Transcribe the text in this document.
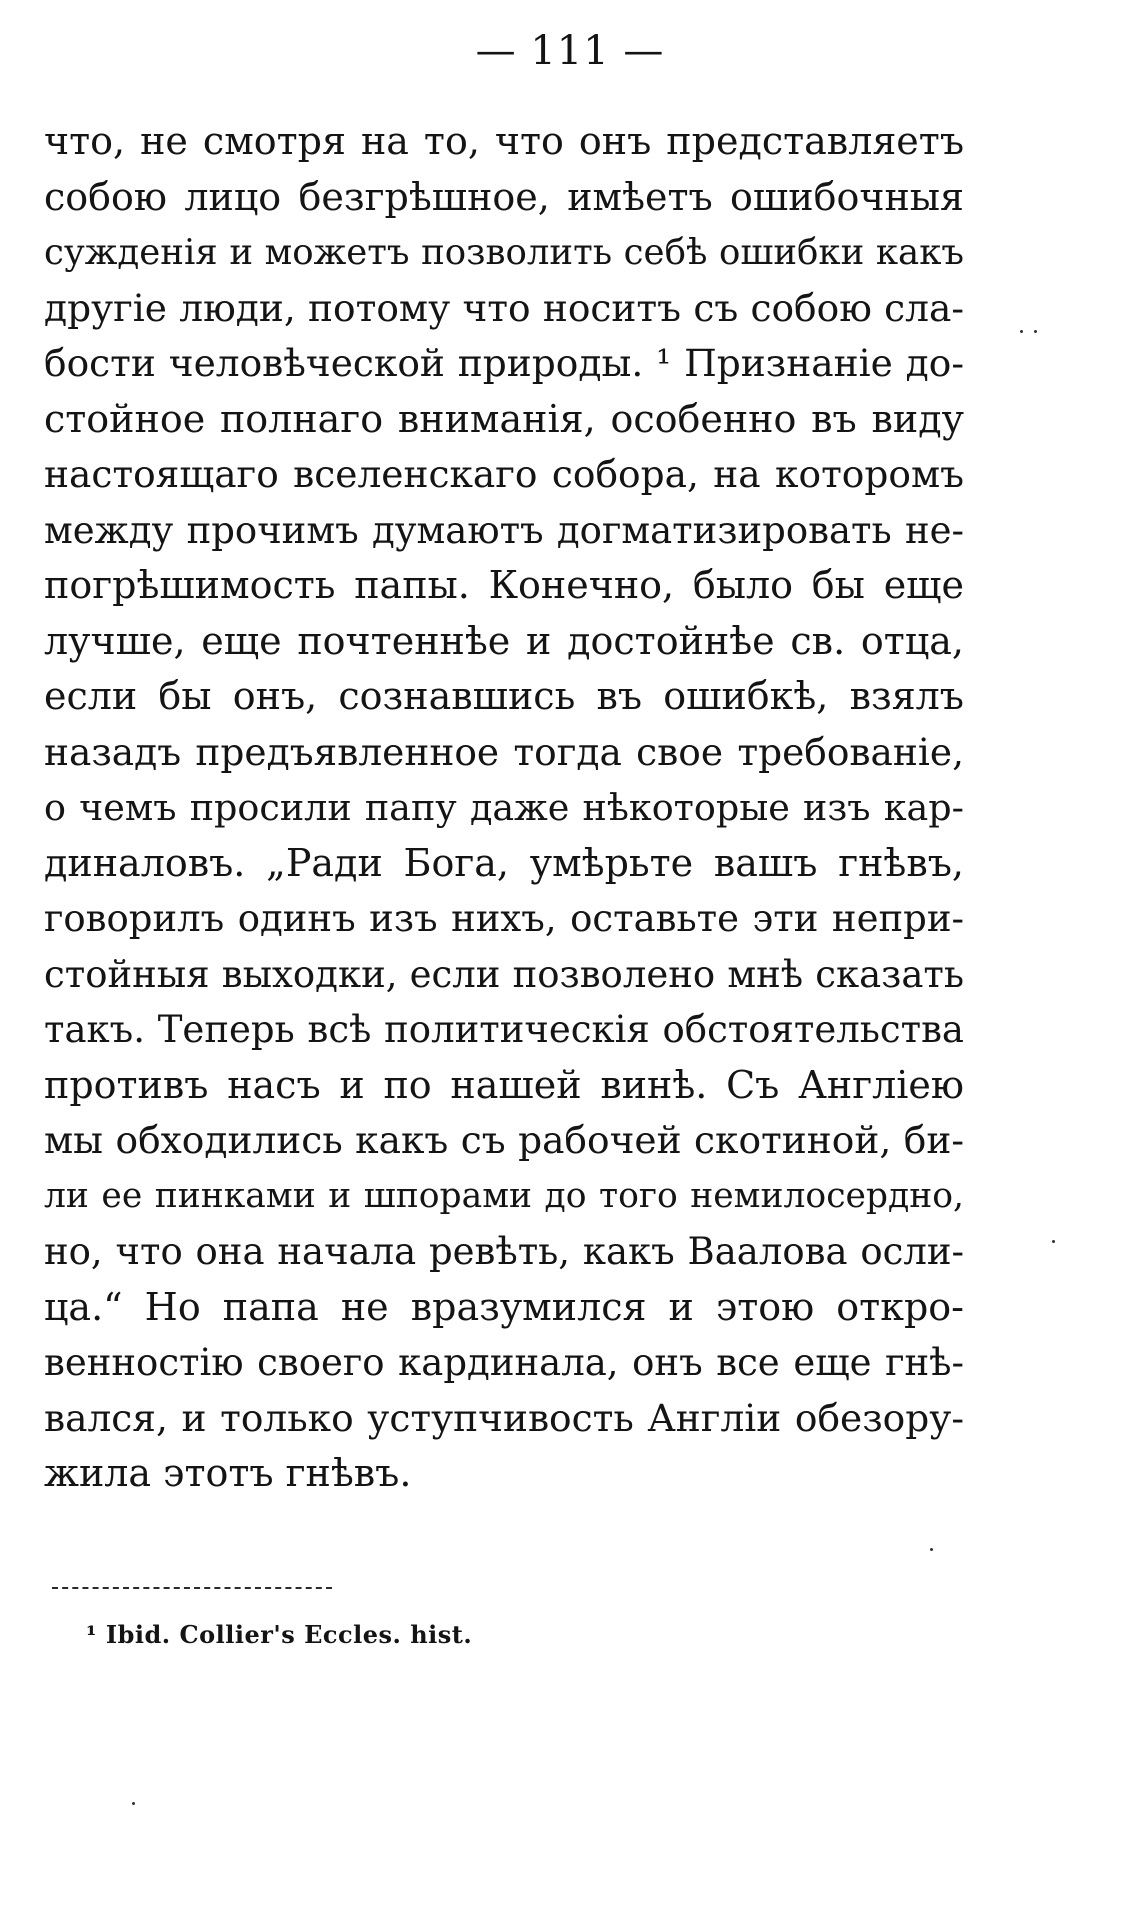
— 111 —
что, не смотря на то, что онъ представляетъ
собою лицо безгрѣшное, имѣетъ ошибочныя
сужденія и можетъ позволить себѣ ошибки какъ
другіе люди, потому что носитъ съ собою сла-
бости человѣческой природы. ¹ Признаніе до-
стойное полнаго вниманія, особенно въ виду
настоящаго вселенскаго собора, на которомъ
между прочимъ думаютъ догматизировать не-
погрѣшимость папы. Конечно, было бы еще
лучше, еще почтеннѣе и достойнѣе св. отца,
если бы онъ, сознавшись въ ошибкѣ, взялъ
назадъ предъявленное тогда свое требованіе,
о чемъ просили папу даже нѣкоторые изъ кар-
диналовъ. „Ради Бога, умѣрьте вашъ гнѣвъ,
говорилъ одинъ изъ нихъ, оставьте эти непри-
стойныя выходки, если позволено мнѣ сказать
такъ. Теперь всѣ политическія обстоятельства
противъ насъ и по нашей винѣ. Съ Англіею
мы обходились какъ съ рабочей скотиной, би-
ли ее пинками и шпорами до того немилосердно,
но, что она начала ревѣть, какъ Ваалова осли-
ца.“ Но папа не вразумился и этою откро-
венностію своего кардинала, онъ все еще гнѣ-
вался, и только уступчивость Англіи обезору-
жила этотъ гнѣвъ.
¹ Ibid. Collier's Eccles. hist.
